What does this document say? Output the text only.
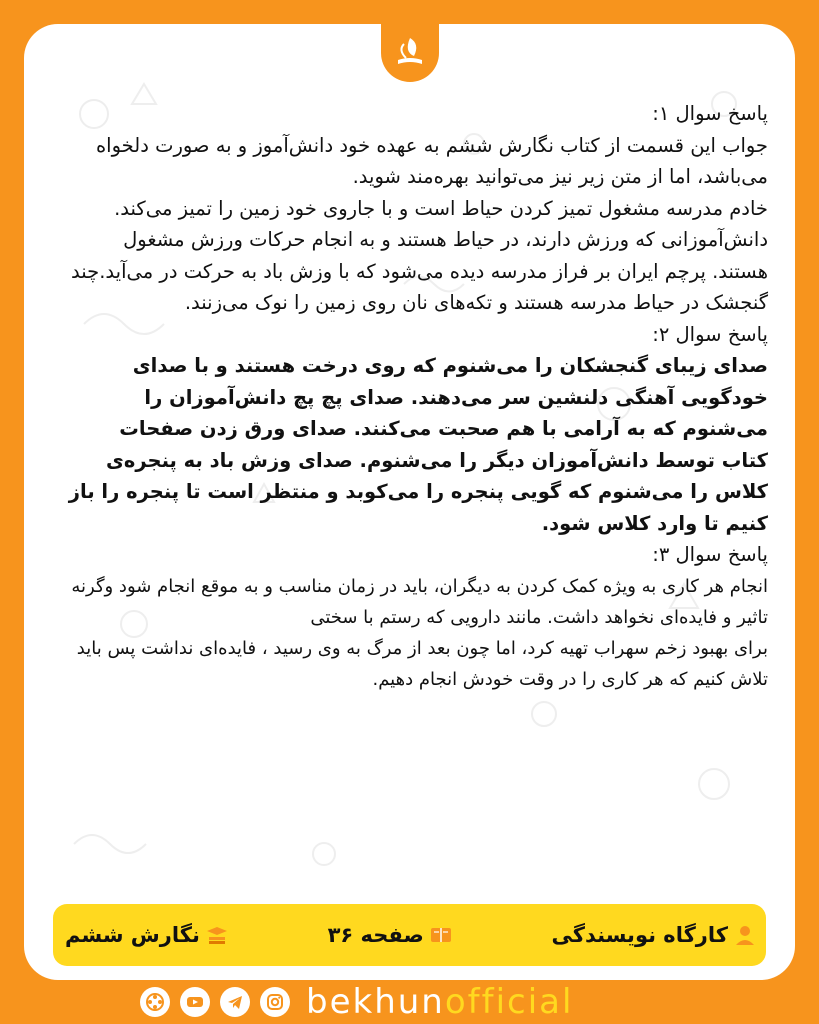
پاسخ سوال ۱:

جواب این قسمت از کتاب نگارش ششم به عهده خود دانش‌آموز و به صورت دلخواه می‌باشد، اما از متن زیر نیز می‌توانید بهره‌مند شوید.

خادم مدرسه مشغول تمیز کردن حیاط است و با جاروی خود زمین را تمیز می‌کند. دانش‌آموزانی که ورزش دارند، در حیاط هستند و به انجام حرکات ورزش مشغول هستند. پرچم ایران بر فراز مدرسه دیده می‌شود که با وزش باد به حرکت در می‌آید.چند گنجشک در حیاط مدرسه هستند و تکه‌های نان روی زمین را نوک می‌زنند.

پاسخ سوال ۲:

صدای زیبای گنجشکان را می‌شنوم که روی درخت هستند و با صدای خودگویی آهنگی دلنشین سر می‌دهند. صدای پچ پچ دانش‌آموزان را می‌شنوم که به آرامی با هم صحبت می‌کنند. صدای ورق زدن صفحات کتاب توسط دانش‌آموزان دیگر را می‌شنوم. صدای وزش باد به پنجره‌ی کلاس را می‌شنوم که گویی پنجره را می‌کوبد و منتظر است تا پنجره را باز کنیم تا وارد کلاس شود.

پاسخ سوال ۳:

انجام هر کاری به ویژه کمک کردن به دیگران، باید در زمان مناسب و به موقع انجام شود وگرنه تاثیر و فایده‌ای نخواهد داشت. مانند دارویی که رستم با سختی

برای بهبود زخم سهراب تهیه کرد، اما چون بعد از مرگ به وی رسید ، فایده‌ای نداشت پس باید تلاش کنیم که هر کاری را در وقت خودش انجام دهیم.

کارگاه نویسندگی
صفحه ۳۶
نگارش ششم
bekhunofficial
